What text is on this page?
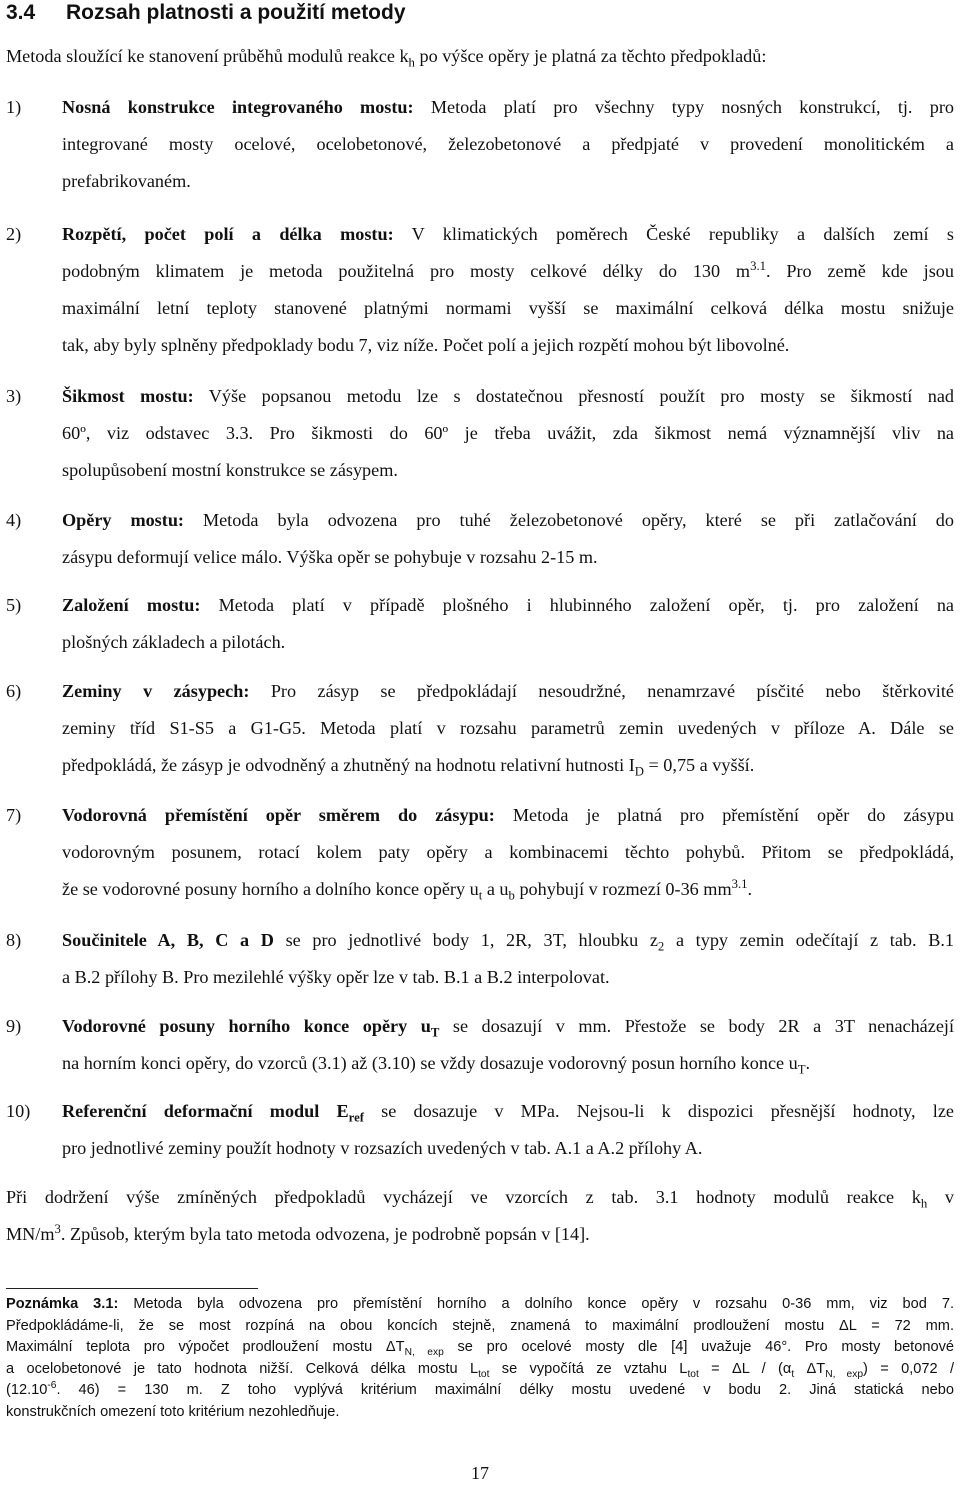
3.4 Rozsah platnosti a použití metody
Metoda sloužící ke stanovení průběhů modulů reakce $k_h$ po výšce opěry je platná za těchto předpokladů:
1) Nosná konstrukce integrovaného mostu: Metoda platí pro všechny typy nosných konstrukcí, tj. pro
integrované mosty ocelové, ocelobetonové, železobetonové a předpjaté v provedení monolitickém a
prefabrikovaném.
2) Rozpětí, počet polí a délka mostu: V klimatických poměrech České republiky a dalších zemí s
podobným klimatem je metoda použitelná pro mosty celkové délky do 130 $m^{3.1}$. Pro země kde jsou
maximální letní teploty stanovené platnými normami vyšší se maximální celková délka mostu snižuje
tak, aby byly splněny předpoklady bodu 7, viz níže. Počet polí a jejich rozpětí mohou být libovolné.
3) Šikmost mostu: Výše popsanou metodu lze s dostatečnou přesností použít pro mosty se šikmostí nad
60º, viz odstavec 3.3. Pro šikmosti do 60º je třeba uvážit, zda šikmost nemá významnější vliv na
spolupůsobení mostní konstrukce se zásypem.
4) Opěry mostu: Metoda byla odvozena pro tuhé železobetonové opěry, které se při zatlačování do
zásypu deformují velice málo. Výška opěr se pohybuje v rozsahu 2-15 m.
5) Založení mostu: Metoda platí v případě plošného i hlubinného založení opěr, tj. pro založení na
plošných základech a pilotách.
6) Zeminy v zásypech: Pro zásyp se předpokládají nesoudržné, nenamrzavé písčité nebo štěrkovité
zeminy tříd S1-S5 a G1-G5. Metoda platí v rozsahu parametrů zemin uvedených v příloze A. Dále se
předpokládá, že zásyp je odvodněný a zhutněný na hodnotu relativní hutnosti $I_D = 0,75$ a vyšší.
7) Vodorovná přemístění opěr směrem do zásypu: Metoda je platná pro přemístění opěr do zásypu
vodorovným posunem, rotací kolem paty opěry a kombinacemi těchto pohybů. Přitom se předpokládá,
že se vodorovné posuny horního a dolního konce opěry $u_t$ a $u_b$ pohybují v rozmezí 0-36 $mm^{3.1}$.
8) Součinitele A, B, C a D se pro jednotlivé body 1, 2R, 3T, hloubku $z_2$ a typy zemin odečítají z tab. B.1
a B.2 přílohy B. Pro mezilehlé výšky opěr lze v tab. B.1 a B.2 interpolovat.
9) Vodorovné posuny horního konce opěry $u_T$ se dosazují v mm. Přestože se body 2R a 3T nenacházejí
na horním konci opěry, do vzorců (3.1) až (3.10) se vždy dosazuje vodorovný posun horního konce $u_T$.
10) Referenční deformační modul $E_{ref}$ se dosazuje v MPa. Nejsou-li k dispozici přesnější hodnoty, lze
pro jednotlivé zeminy použít hodnoty v rozsazích uvedených v tab. A.1 a A.2 přílohy A.
Při dodržení výše zmíněných předpokladů vycházejí ve vzorcích z tab. 3.1 hodnoty modulů reakce $k_h$ v
$MN/m^3$. Způsob, kterým byla tato metoda odvozena, je podrobně popsán v [14].
Poznámka 3.1: Metoda byla odvozena pro přemístění horního a dolního konce opěry v rozsahu 0-36 mm, viz bod 7.
Předpokládáme-li, že se most rozpíná na obou koncích stejně, znamená to maximální prodloužení mostu ΔL = 72 mm.
Maximální teplota pro výpočet prodloužení mostu $\Delta T_{N, exp}$ se pro ocelové mosty dle [4] uvažuje 46°. Pro mosty betonové
a ocelobetonové je tato hodnota nižší. Celková délka mostu $L_{tot}$ se vypočítá ze vztahu $L_{tot} = \Delta L / (\alpha_t$ $\Delta T_{N, exp}) = 0,072$ /
($12.10^{-6}$. 46) = 130 m. Z toho vyplývá kritérium maximální délky mostu uvedené v bodu 2. Jiná statická nebo
konstrukčních omezení toto kritérium nezohledňuje.
17
